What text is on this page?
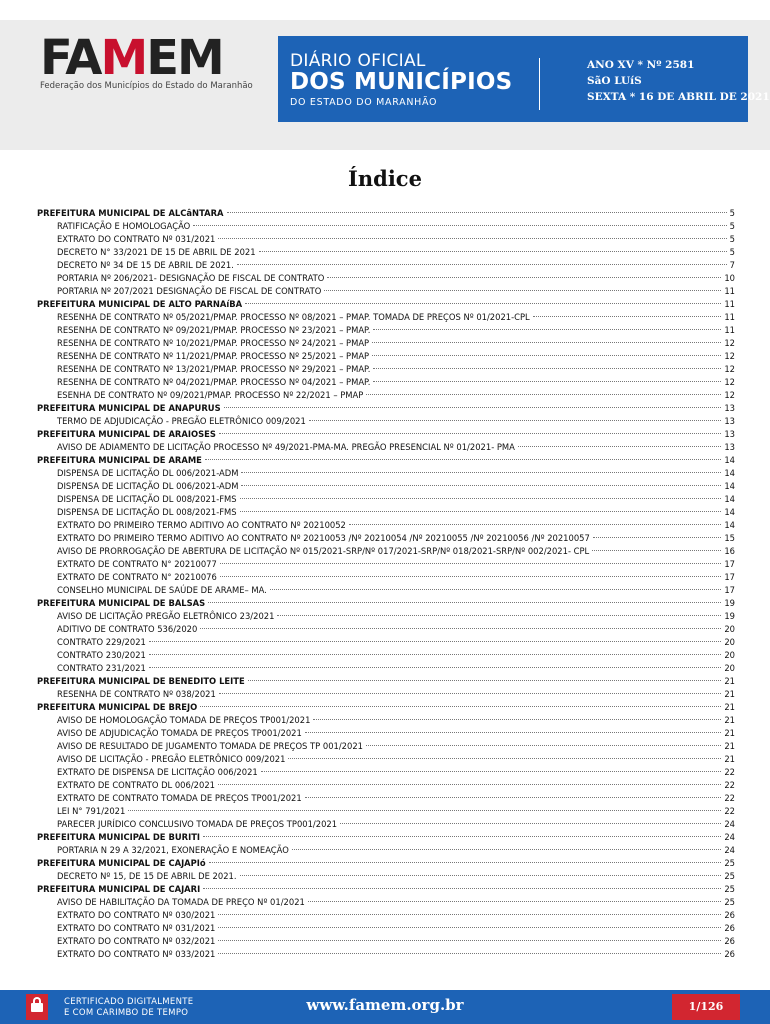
FAMEM
Federação dos Municípios do Estado do Maranhão
DIÁRIO OFICIAL
DOS MUNICÍPIOS
DO ESTADO DO MARANHÃO
ANO XV * Nº 2581
SãO LUíS
SEXTA * 16 DE ABRIL DE 2021
Índice
PREFEITURA MUNICIPAL DE ALCâNTARA	5
RATIFICAÇÃO E HOMOLOGAÇÃO	5
EXTRATO DO CONTRATO Nº 031/2021	5
DECRETO N° 33/2021 DE 15 DE ABRIL DE 2021	5
DECRETO Nº 34 DE 15 DE ABRIL DE 2021.	7
PORTARIA Nº 206/2021- DESIGNAÇÃO DE FISCAL DE CONTRATO	10
PORTARIA Nº 207/2021 DESIGNAÇÃO DE FISCAL DE CONTRATO	11
PREFEITURA MUNICIPAL DE ALTO PARNAíBA	11
RESENHA DE CONTRATO Nº 05/2021/PMAP. PROCESSO Nº 08/2021 – PMAP. TOMADA DE PREÇOS Nº 01/2021-CPL	11
RESENHA DE CONTRATO Nº 09/2021/PMAP. PROCESSO Nº 23/2021 – PMAP.	11
RESENHA DE CONTRATO Nº 10/2021/PMAP. PROCESSO Nº 24/2021 – PMAP	12
RESENHA DE CONTRATO Nº 11/2021/PMAP. PROCESSO Nº 25/2021 – PMAP	12
RESENHA DE CONTRATO Nº 13/2021/PMAP. PROCESSO Nº 29/2021 – PMAP.	12
RESENHA DE CONTRATO Nº 04/2021/PMAP. PROCESSO Nº 04/2021 – PMAP.	12
ESENHA DE CONTRATO Nº 09/2021/PMAP. PROCESSO Nº 22/2021 – PMAP	12
PREFEITURA MUNICIPAL DE ANAPURUS	13
TERMO DE ADJUDICAÇÃO - PREGÃO ELETRÔNICO 009/2021	13
PREFEITURA MUNICIPAL DE ARAIOSES	13
AVISO DE ADIAMENTO DE LICITAÇÃO PROCESSO Nº 49/2021-PMA-MA. PREGÃO PRESENCIAL Nº 01/2021- PMA	13
PREFEITURA MUNICIPAL DE ARAME	14
DISPENSA DE LICITAÇÃO DL 006/2021-ADM	14
DISPENSA DE LICITAÇÃO DL 006/2021-ADM	14
DISPENSA DE LICITAÇÃO DL 008/2021-FMS	14
DISPENSA DE LICITAÇÃO DL 008/2021-FMS	14
EXTRATO DO PRIMEIRO TERMO ADITIVO AO CONTRATO Nº 20210052	14
EXTRATO DO PRIMEIRO TERMO ADITIVO AO CONTRATO Nº 20210053 /Nº 20210054 /Nº 20210055 /Nº 20210056 /Nº 20210057	15
AVISO DE PRORROGAÇÃO DE ABERTURA DE LICITAÇÃO Nº 015/2021-SRP/Nº 017/2021-SRP/Nº 018/2021-SRP/Nº 002/2021- CPL	16
EXTRATO DE CONTRATO N° 20210077	17
EXTRATO DE CONTRATO N° 20210076	17
CONSELHO MUNICIPAL DE SAÚDE DE ARAME– MA.	17
PREFEITURA MUNICIPAL DE BALSAS	19
AVISO DE LICITAÇÃO PREGÃO ELETRÔNICO 23/2021	19
ADITIVO DE CONTRATO 536/2020	20
CONTRATO 229/2021	20
CONTRATO 230/2021	20
CONTRATO 231/2021	20
PREFEITURA MUNICIPAL DE BENEDITO LEITE	21
RESENHA DE CONTRATO Nº 038/2021	21
PREFEITURA MUNICIPAL DE BREJO	21
AVISO DE HOMOLOGAÇÃO TOMADA DE PREÇOS TP001/2021	21
AVISO DE ADJUDICAÇÃO TOMADA DE PREÇOS TP001/2021	21
AVISO DE RESULTADO DE JUGAMENTO TOMADA DE PREÇOS TP 001/2021	21
AVISO DE LICITAÇÃO - PREGÃO ELETRÔNICO 009/2021	21
EXTRATO DE DISPENSA DE LICITAÇÃO 006/2021	22
EXTRATO DE CONTRATO DL 006/2021	22
EXTRATO DE CONTRATO TOMADA DE PREÇOS TP001/2021	22
LEI N° 791/2021	22
PARECER JURÍDICO CONCLUSIVO TOMADA DE PREÇOS TP001/2021	24
PREFEITURA MUNICIPAL DE BURITI	24
PORTARIA N 29 A 32/2021, EXONERAÇÃO E NOMEAÇÃO	24
PREFEITURA MUNICIPAL DE CAJAPIó	25
DECRETO Nº 15, DE 15 DE ABRIL DE 2021.	25
PREFEITURA MUNICIPAL DE CAJARI	25
AVISO DE HABILITAÇÃO DA TOMADA DE PREÇO Nº 01/2021	25
EXTRATO DO CONTRATO Nº 030/2021	26
EXTRATO DO CONTRATO Nº 031/2021	26
EXTRATO DO CONTRATO Nº 032/2021	26
EXTRATO DO CONTRATO Nº 033/2021	26
CERTIFICADO DIGITALMENTE
E COM CARIMBO DE TEMPO	www.famem.org.br	1/126
